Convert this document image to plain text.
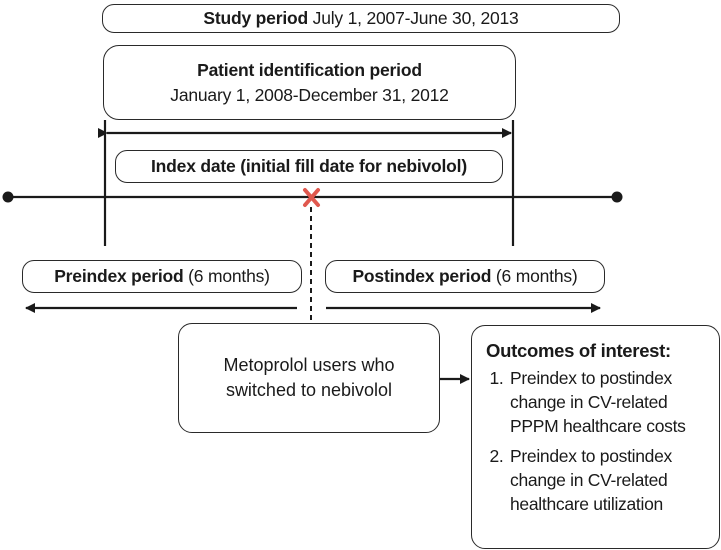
Study period
July 1, 2007-June 30, 2013
Patient identification period
January 1, 2008-December 31, 2012
Index date (initial fill date for nebivolol)
Preindex period
(6 months)	Postindex period
(6 months)
Metoprolol users who
switched to nebivolol
Outcomes of interest:
1. Preindex to postindex change in CV-related PPPM healthcare costs
2. Preindex to postindex change in CV-related healthcare utilization
